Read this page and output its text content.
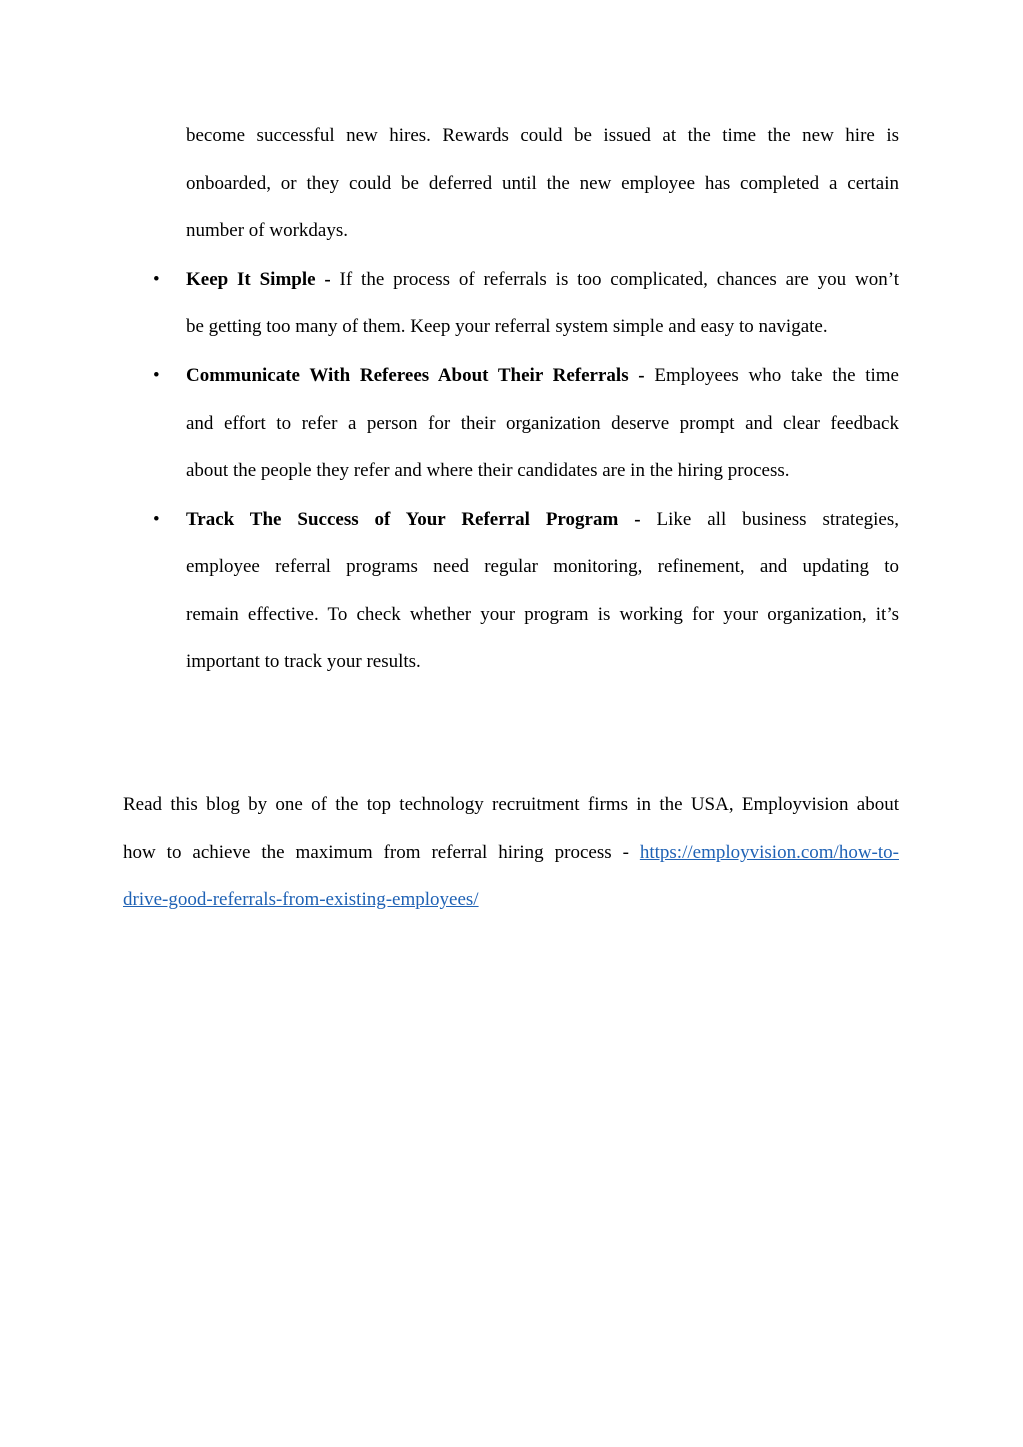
become successful new hires. Rewards could be issued at the time the new hire is
onboarded, or they could be deferred until the new employee has completed a certain
number of workdays.
• Keep It Simple - If the process of referrals is too complicated, chances are you won’t
be getting too many of them. Keep your referral system simple and easy to navigate.
• Communicate With Referees About Their Referrals - Employees who take the time
and effort to refer a person for their organization deserve prompt and clear feedback
about the people they refer and where their candidates are in the hiring process.
• Track The Success of Your Referral Program - Like all business strategies,
employee referral programs need regular monitoring, refinement, and updating to
remain effective. To check whether your program is working for your organization, it’s
important to track your results.
Read this blog by one of the top technology recruitment firms in the USA, Employvision about
how to achieve the maximum from referral hiring process - https://employvision.com/how-to-
drive-good-referrals-from-existing-employees/
